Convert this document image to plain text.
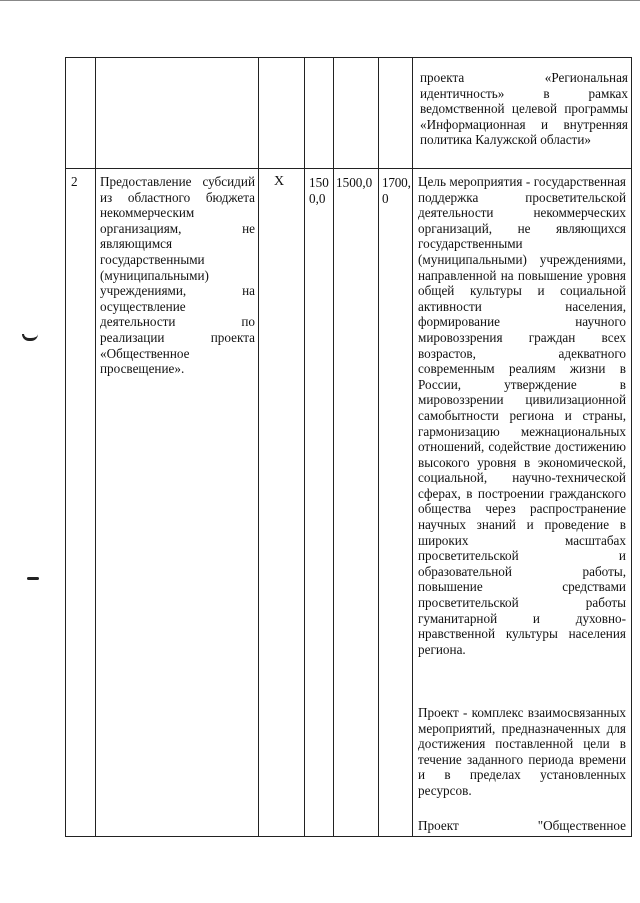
проекта «Региональная идентичность» в рамках ведомственной целевой программы «Информационная и внутренняя политика Калужской области»
2	Предоставление субсидий из областного бюджета некоммерческим организациям, не являющимся государственными (муниципальными) учреждениями, на осуществление деятельности по реализации проекта «Общественное просвещение».
Х	1500,0
1500,0 1700,0
Цель мероприятия - государственная поддержка просветительской деятельности некоммерческих организаций, не являющихся государственными (муниципальными) учреждениями, направленной на повышение уровня общей культуры и социальной активности населения, формирование научного мировоззрения граждан всех возрастов, адекватного современным реалиям жизни в России, утверждение в мировоззрении цивилизационной самобытности региона и страны, гармонизацию межнациональных отношений, содействие достижению высокого уровня в экономической, социальной, научно-технической сферах, в построении гражданского общества через распространение научных знаний и проведение в широких масштабах просветительской и образовательной работы, повышение средствами просветительской работы гуманитарной и духовно-нравственной культуры населения региона.
Проект - комплекс взаимосвязанных мероприятий, предназначенных для достижения поставленной цели в течение заданного периода времени и в пределах установленных ресурсов.
Проект "Общественное
